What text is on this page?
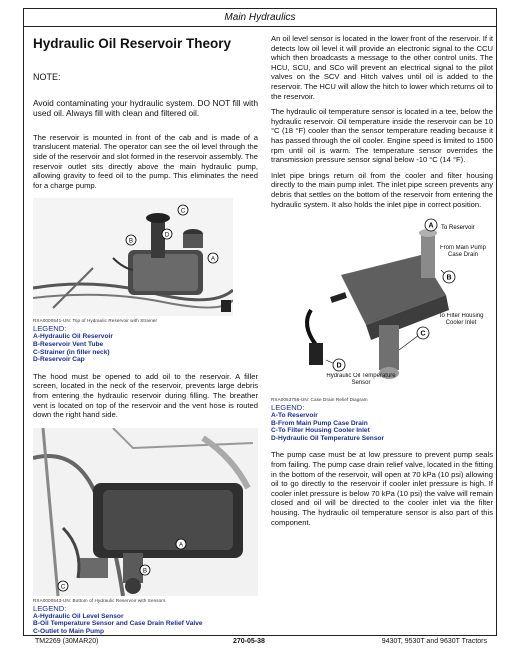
Main Hydraulics
Hydraulic Oil Reservoir Theory
NOTE:

Avoid contaminating your hydraulic system. DO NOT fill with used oil. Always fill with clean and filtered oil.

The reservoir is mounted in front of the cab and is made of a translucent material. The operator can see the oil level through the side of the reservoir and slot formed in the reservoir assembly. The reservoir outlet sits directly above the main hydraulic pump, allowing gravity to feed oil to the pump. This eliminates the need for a charge pump.

C
B
A
D
RXA0000541-UN: Top of Hydraulic Reservoir with Strainer
LEGEND:
A-Hydraulic Oil Reservoir
B-Reservoir Vent Tube
C-Strainer (in filler neck)
D-Reservoir Cap

The hood must be opened to add oil to the reservoir. A filler screen, located in the neck of the reservoir, prevents large debris from entering the hydraulic reservoir during filling. The breather vent is located on top of the reservoir and the vent hose is routed down the right hand side.

A
B
C
RXA0000543-UN: Bottom of Hydraulic Reservoir with Sensors
LEGEND:
A-Hydraulic Oil Level Sensor
B-Oil Temperature Sensor and Case Drain Relief Valve
C-Outlet to Main Pump

An oil level sensor is located in the lower front of the reservoir. If it detects low oil level it will provide an electronic signal to the CCU which then broadcasts a message to the other control units. The HCU, SCU, and SCo will prevent an electrical signal to the pilot valves on the SCV and Hitch valves until oil is added to the reservoir. The HCU will allow the hitch to lower which returns oil to the reservoir.

The hydraulic oil temperature sensor is located in a tee, below the hydraulic reservoir. Oil temperature inside the reservoir can be 10 °C (18 °F) cooler than the sensor temperature reading because it has passed through the oil cooler. Engine speed is limited to 1500 rpm until oil is warm. The temperature sensor overrides the transmission pressure sensor signal below -10 °C (14 °F).

Inlet pipe brings return oil from the cooler and filter housing directly to the main pump inlet. The inlet pipe screen prevents any debris that settles on the bottom of the reservoir from entering the hydraulic system. It also holds the inlet pipe in correct position.

A
B
C
D
To Reservoir
From Main Pump Case Drain
To Filter Housing Cooler Inlet
Hydraulic Oil Temperature Sensor
RXA0053758-UN: Case Drain Relief Diagram
LEGEND:
A-To Reservoir
B-From Main Pump Case Drain
C-To Filter Housing Cooler Inlet
D-Hydraulic Oil Temperature Sensor

The pump case must be at low pressure to prevent pump seals from failing. The pump case drain relief valve, located in the fitting in the bottom of the reservoir, will open at 70 kPa (10 psi) allowing oil to go directly to the reservoir if cooler inlet pressure is high. If cooler inlet pressure is below 70 kPa (10 psi) the valve will remain closed and oil will be directed to the cooler inlet via the filter housing. The hydraulic oil temperature sensor is also part of this component.

TM2269 (30MAR20)	270-05-38	9430T, 9530T and 9630T Tractors
